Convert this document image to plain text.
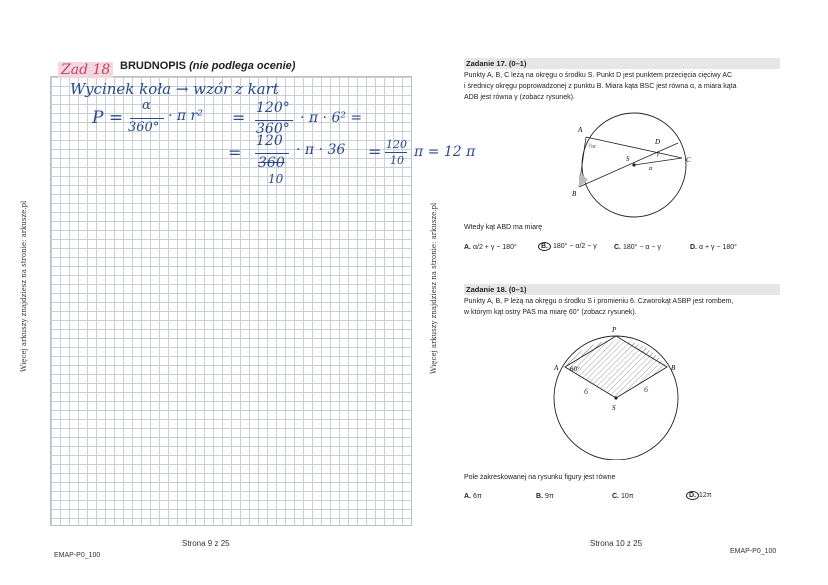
Więcej arkuszy znajdziesz na stronie: arkusze.pl
Zad 18 BRUDNOPIS (nie podlega ocenie)
Wycinek koła → wzór z kart
P =
α
360°
· π r² = 120°
360°
· π · 6² =
=
120
360
10
· π · 36 = 120
10
Strona 9 z 25
EMAP-P0_100
π = 12 π
Więcej arkuszy znajdziesz na stronie: arkusze.pl
Zadanie 17. (0–1)
Punkty A, B, C leżą na okręgu o środku S. Punkt D jest punktem przecięcia cięciwy AC
i średnicy okręgu poprowadzonej z punktu B. Miara kąta BSC jest równa α, a miara kąta
ADB jest równa γ (zobacz rysunek).
A
B
C
D
S
α
γ
½α
Wtedy kąt ABD ma miarę
A. α/2 + γ − 180°	B. 180° − α/2 − γ C. 180° − α − γ	D. α + γ − 180°
Zadanie 18. (0–1)
Punkty A, B, P leżą na okręgu o środku S i promieniu 6. Czworokąt ASBP jest rombem,
w którym kąt ostry PAS ma miarę 60° (zobacz rysunek).
P
A	B
S
60°
6	6
Pole zakreskowanej na rysunku figury jest równe
A. 6π	B. 9π	C. 10π	D. 12π
Strona 10 z 25
EMAP-P0_100
